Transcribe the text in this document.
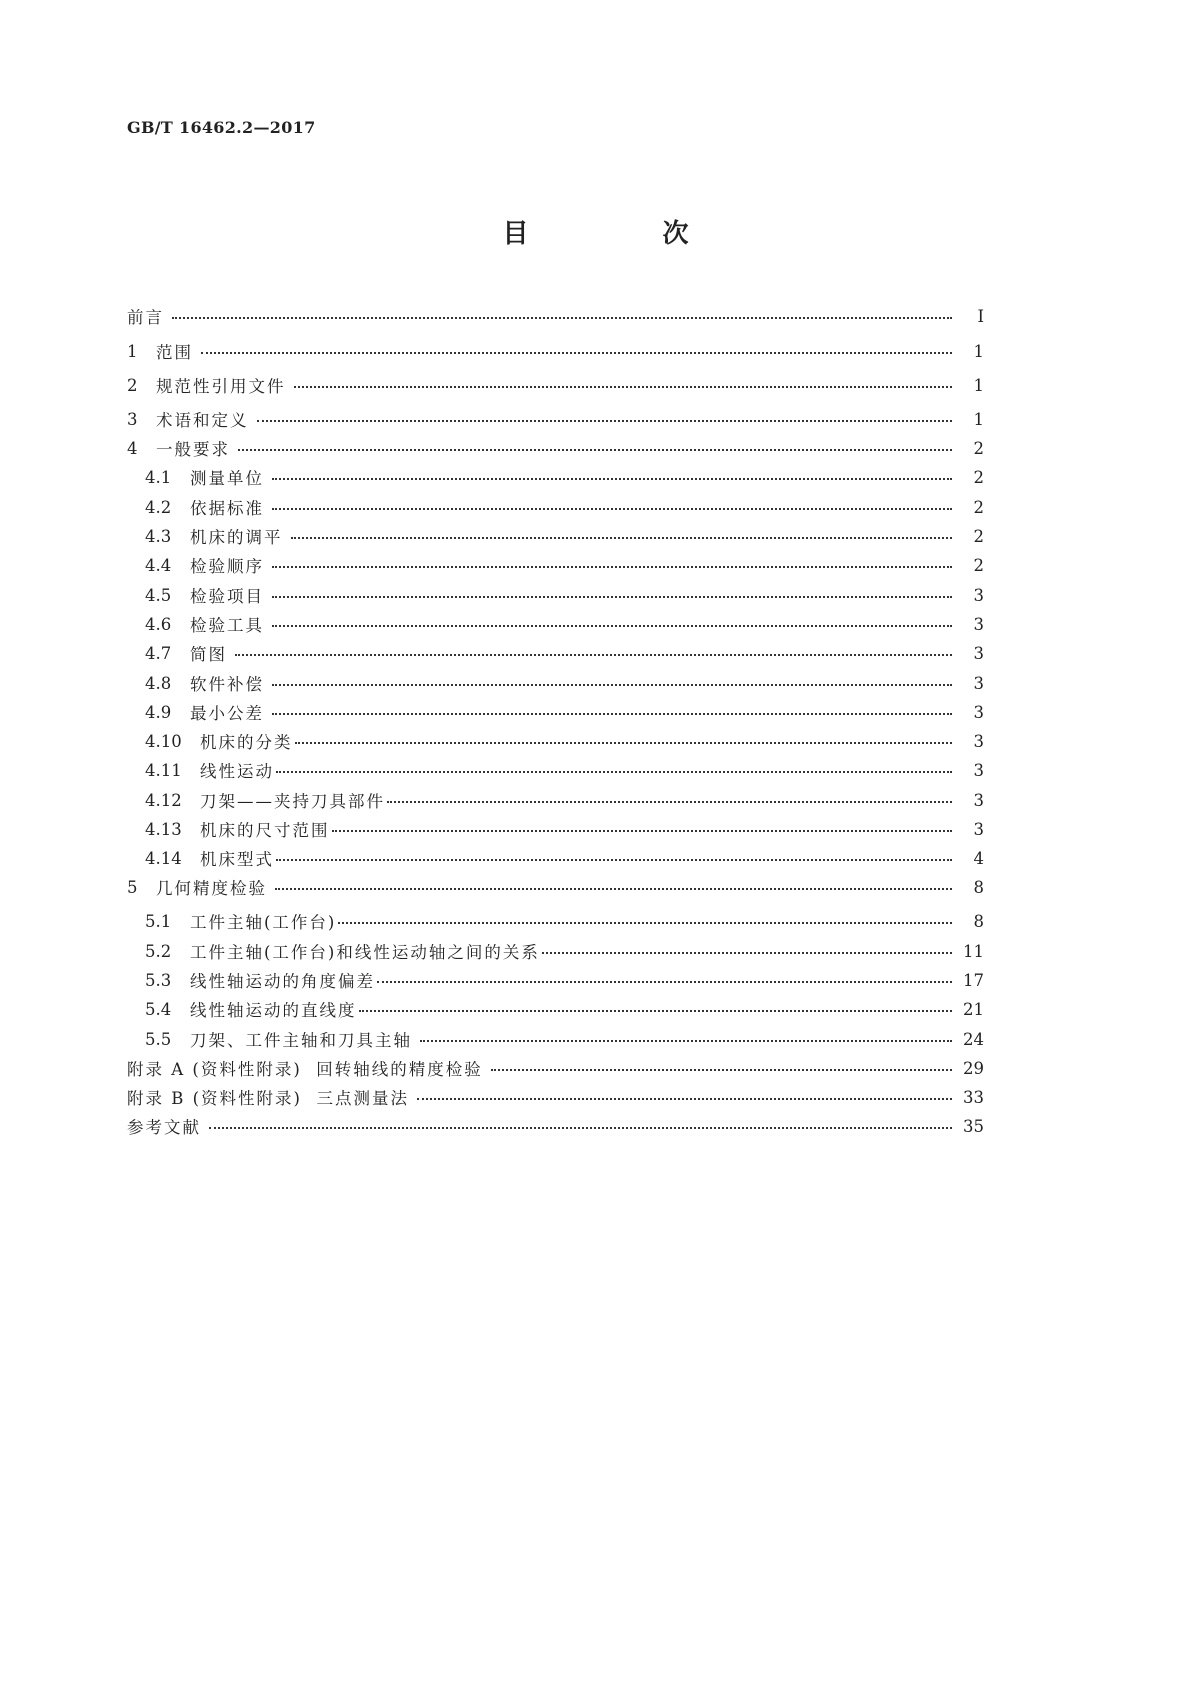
GB/T 16462.2—2017
目　次
前言	Ⅰ
1	范围	1
2	规范性引用文件	1
3	术语和定义	1
4	一般要求	2
4.1	测量单位	2
4.2	依据标准	2
4.3	机床的调平	2
4.4	检验顺序	2
4.5	检验项目	3
4.6	检验工具	3
4.7	简图	3
4.8	软件补偿	3
4.9	最小公差	3
4.10	机床的分类	3
4.11	线性运动	3
4.12	刀架——夹持刀具部件	3
4.13	机床的尺寸范围	3
4.14	机床型式	4
5	几何精度检验	8
5.1	工件主轴(工作台)	8
5.2	工件主轴(工作台)和线性运动轴之间的关系	11
5.3	线性轴运动的角度偏差	17
5.4	线性轴运动的直线度	21
5.5	刀架、工件主轴和刀具主轴	24
附录 A (资料性附录)  回转轴线的精度检验	29
附录 B (资料性附录)  三点测量法	33
参考文献	35
